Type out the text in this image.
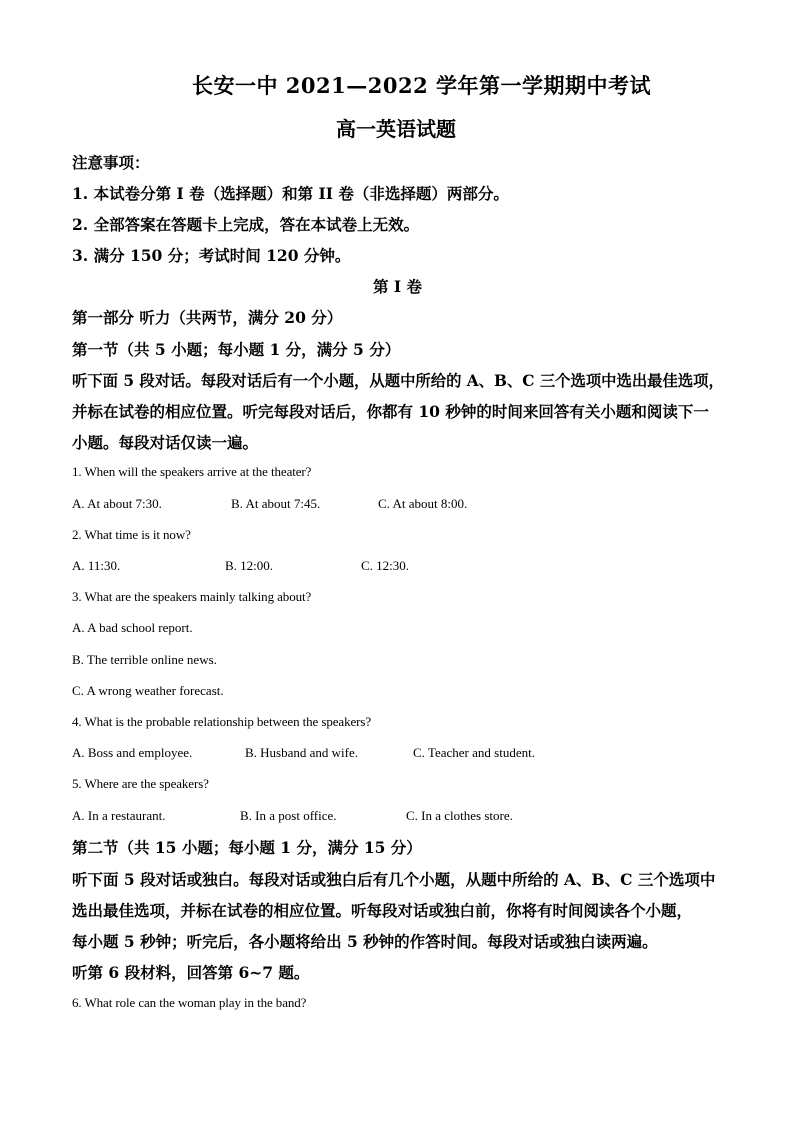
长安一中 2021—2022 学年第一学期期中考试
高一英语试题
注意事项：
1. 本试卷分第 I 卷（选择题）和第 II 卷（非选择题）两部分。
2. 全部答案在答题卡上完成，答在本试卷上无效。
3. 满分 150 分；考试时间 120 分钟。
第 I 卷
第一部分 听力（共两节，满分 20 分）
第一节（共 5 小题；每小题 1 分，满分 5 分）
听下面 5 段对话。每段对话后有一个小题，从题中所给的 A、B、C 三个选项中选出最佳选项，
并标在试卷的相应位置。听完每段对话后，你都有 10 秒钟的时间来回答有关小题和阅读下一
小题。每段对话仅读一遍。
1. When will the speakers arrive at the theater?
A. At about 7:30.	B. At about 7:45.	C. At about 8:00.
2. What time is it now?
A. 11:30.	B. 12:00.	C. 12:30.
3. What are the speakers mainly talking about?
A. A bad school report.
B. The terrible online news.
C. A wrong weather forecast.
4. What is the probable relationship between the speakers?
A. Boss and employee.	B. Husband and wife.	C. Teacher and student.
5. Where are the speakers?
A. In a restaurant.	B. In a post office.	C. In a clothes store.
第二节（共 15 小题；每小题 1 分，满分 15 分）
听下面 5 段对话或独白。每段对话或独白后有几个小题，从题中所给的 A、B、C 三个选项中
选出最佳选项，并标在试卷的相应位置。听每段对话或独白前，你将有时间阅读各个小题，
每小题 5 秒钟；听完后，各小题将给出 5 秒钟的作答时间。每段对话或独白读两遍。
听第 6 段材料，回答第 6~7 题。
6. What role can the woman play in the band?
